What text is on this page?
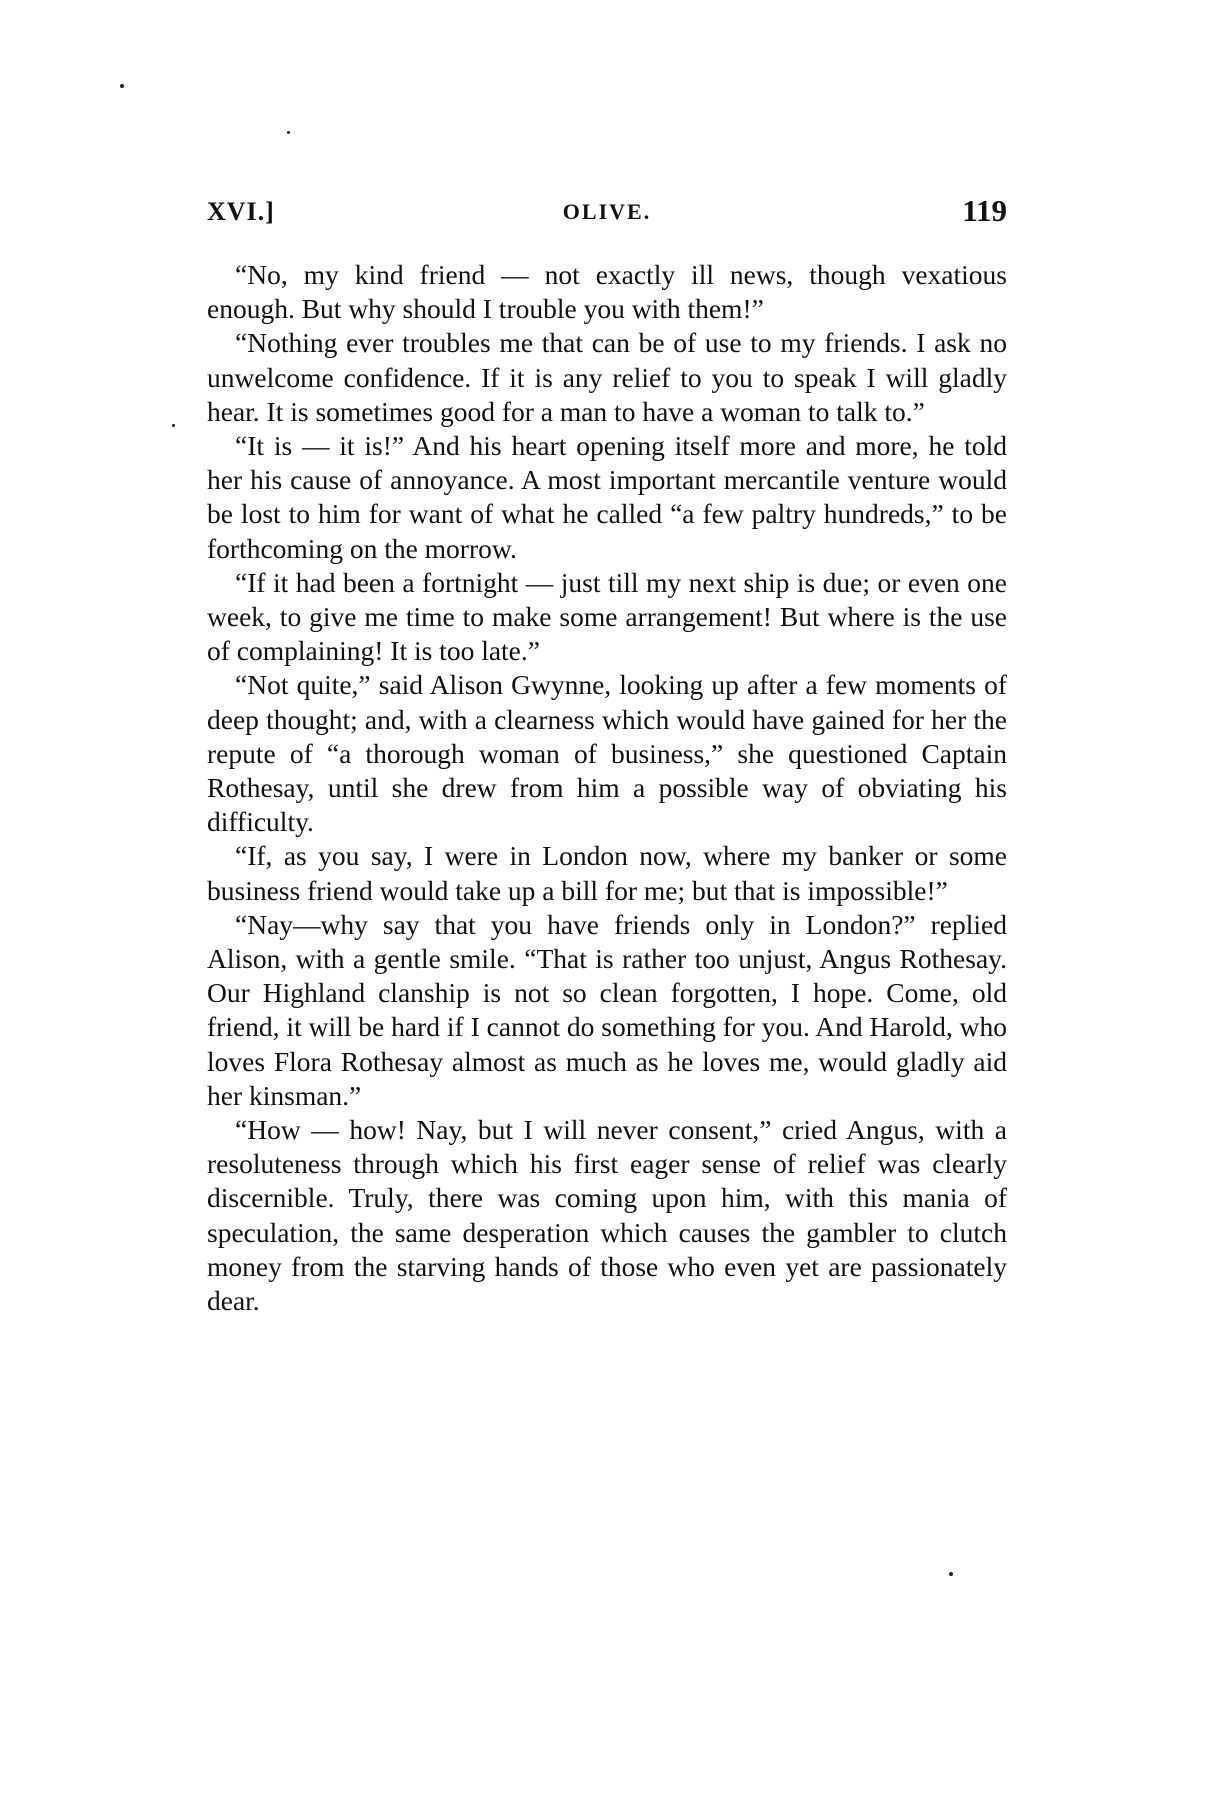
XVI.]	OLIVE.	119

“No, my kind friend — not exactly ill news, though vexatious enough. But why should I trouble you with them!”

“Nothing ever troubles me that can be of use to my friends. I ask no unwelcome confidence. If it is any relief to you to speak I will gladly hear. It is sometimes good for a man to have a woman to talk to.”

“It is — it is!” And his heart opening itself more and more, he told her his cause of annoyance. A most important mercantile venture would be lost to him for want of what he called “a few paltry hundreds,” to be forthcoming on the morrow.

“If it had been a fortnight — just till my next ship is due; or even one week, to give me time to make some arrangement! But where is the use of complaining! It is too late.”

“Not quite,” said Alison Gwynne, looking up after a few moments of deep thought; and, with a clearness which would have gained for her the repute of “a thorough woman of business,” she questioned Captain Rothesay, until she drew from him a possible way of obviating his difficulty.

“If, as you say, I were in London now, where my banker or some business friend would take up a bill for me; but that is impossible!”

“Nay—why say that you have friends only in London?” replied Alison, with a gentle smile. “That is rather too unjust, Angus Rothesay. Our Highland clanship is not so clean forgotten, I hope. Come, old friend, it will be hard if I cannot do something for you. And Harold, who loves Flora Rothesay almost as much as he loves me, would gladly aid her kinsman.”

“How — how! Nay, but I will never consent,” cried Angus, with a resoluteness through which his first eager sense of relief was clearly discernible. Truly, there was coming upon him, with this mania of speculation, the same desperation which causes the gambler to clutch money from the starving hands of those who even yet are passionately dear.
